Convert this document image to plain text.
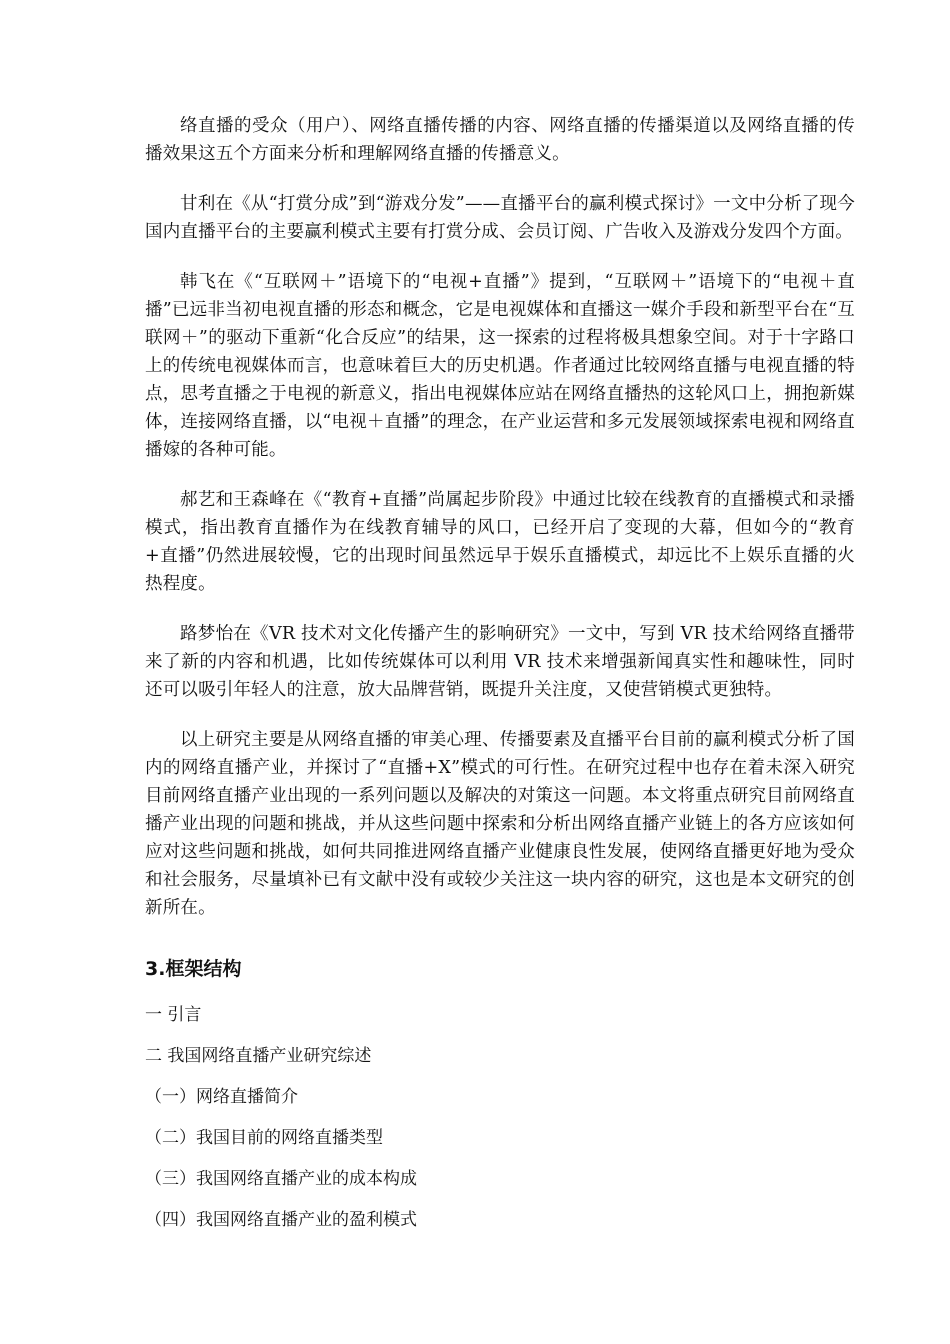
络直播的受众（用户）、网络直播传播的内容、网络直播的传播渠道以及网络直播的传播效果这五个方面来分析和理解网络直播的传播意义。

甘利在《从“打赏分成”到“游戏分发”——直播平台的赢利模式探讨》一文中分析了现今国内直播平台的主要赢利模式主要有打赏分成、会员订阅、广告收入及游戏分发四个方面。

韩飞在《“互联网＋”语境下的“电视+直播”》提到，“互联网＋”语境下的“电视＋直播”已远非当初电视直播的形态和概念，它是电视媒体和直播这一媒介手段和新型平台在“互联网＋”的驱动下重新“化合反应”的结果，这一探索的过程将极具想象空间。对于十字路口上的传统电视媒体而言，也意味着巨大的历史机遇。作者通过比较网络直播与电视直播的特点，思考直播之于电视的新意义，指出电视媒体应站在网络直播热的这轮风口上，拥抱新媒体，连接网络直播，以“电视＋直播”的理念，在产业运营和多元发展领域探索电视和网络直播嫁的各种可能。

郝艺和王森峰在《“教育+直播”尚属起步阶段》中通过比较在线教育的直播模式和录播模式，指出教育直播作为在线教育辅导的风口，已经开启了变现的大幕，但如今的“教育+直播”仍然进展较慢，它的出现时间虽然远早于娱乐直播模式，却远比不上娱乐直播的火热程度。

路梦怡在《VR 技术对文化传播产生的影响研究》一文中，写到 VR 技术给网络直播带来了新的内容和机遇，比如传统媒体可以利用 VR 技术来增强新闻真实性和趣味性，同时还可以吸引年轻人的注意，放大品牌营销，既提升关注度，又使营销模式更独特。

以上研究主要是从网络直播的审美心理、传播要素及直播平台目前的赢利模式分析了国内的网络直播产业，并探讨了“直播+X”模式的可行性。在研究过程中也存在着未深入研究目前网络直播产业出现的一系列问题以及解决的对策这一问题。本文将重点研究目前网络直播产业出现的问题和挑战，并从这些问题中探索和分析出网络直播产业链上的各方应该如何应对这些问题和挑战，如何共同推进网络直播产业健康良性发展，使网络直播更好地为受众和社会服务，尽量填补已有文献中没有或较少关注这一块内容的研究，这也是本文研究的创新所在。

3.框架结构
一 引言
二 我国网络直播产业研究综述
（一）网络直播简介
（二）我国目前的网络直播类型
（三）我国网络直播产业的成本构成
（四）我国网络直播产业的盈利模式
